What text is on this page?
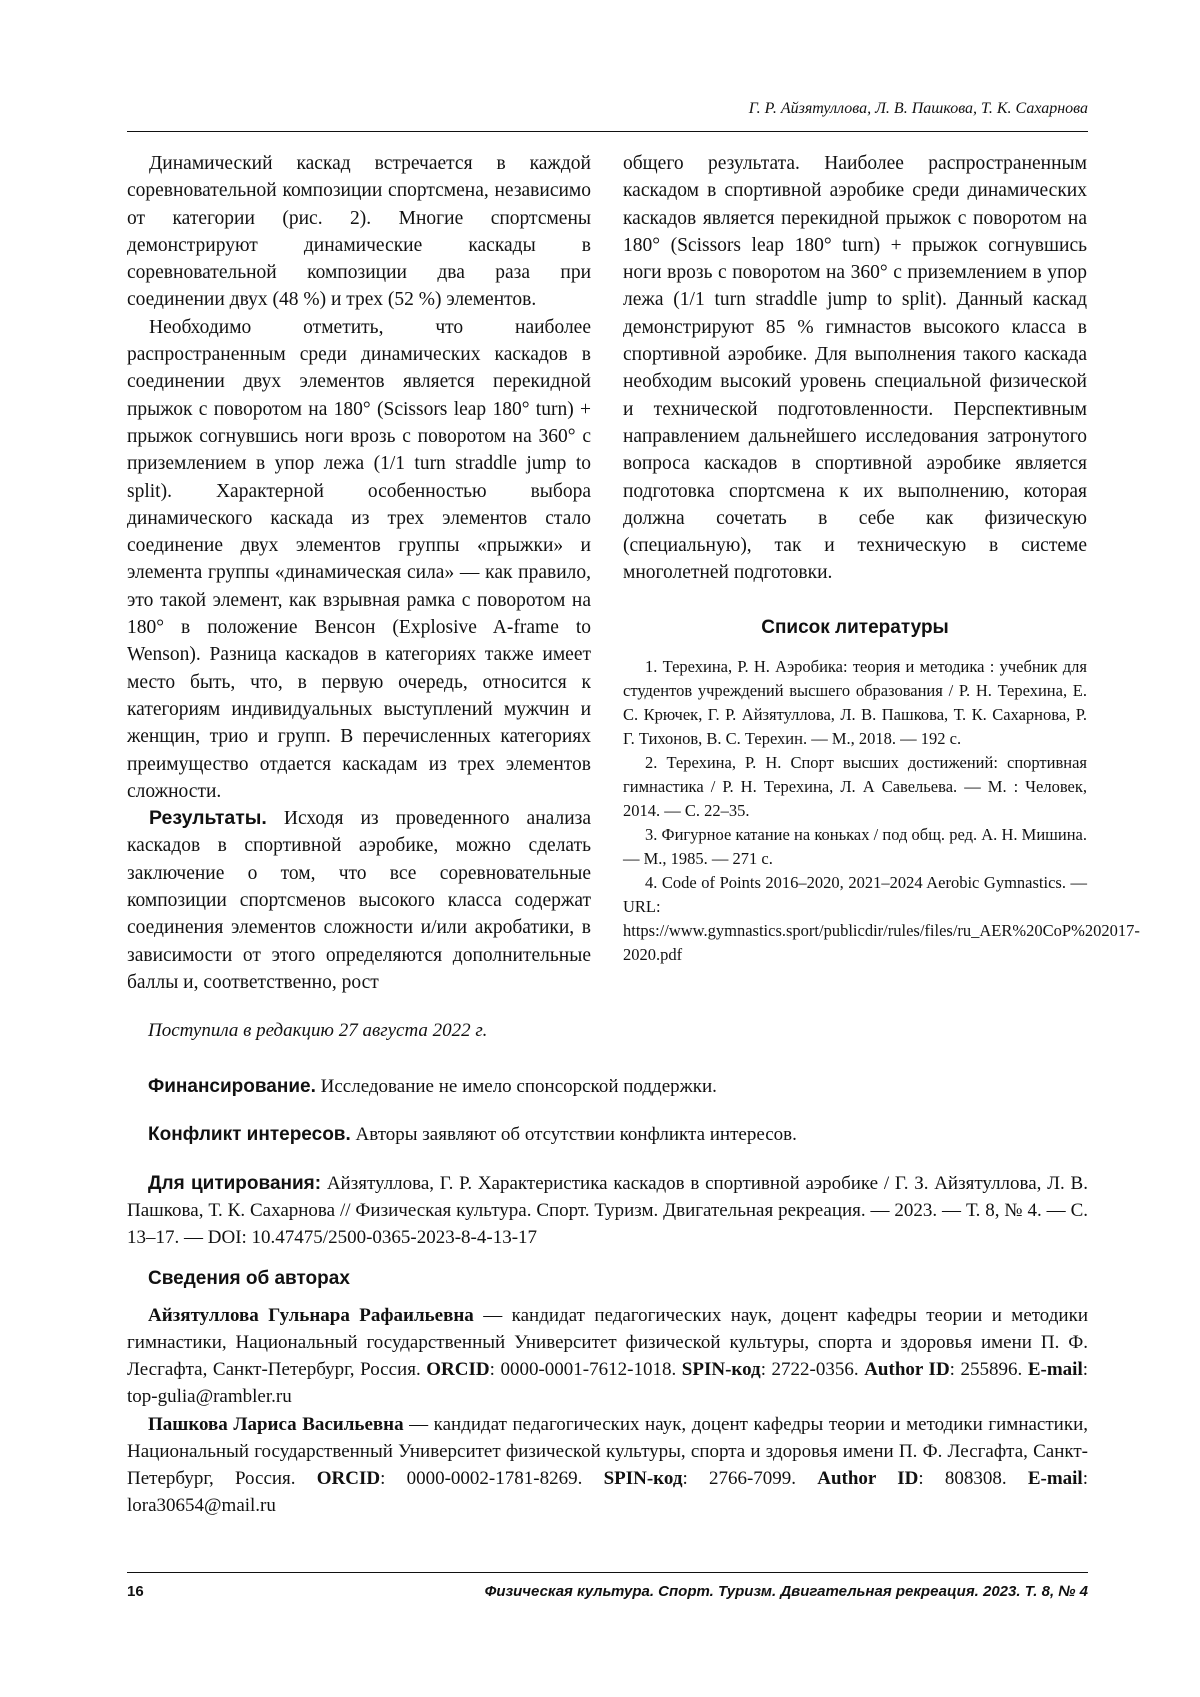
Г. Р. Айзятуллова, Л. В. Пашкова, Т. К. Сахарнова

Динамический каскад встречается в каждой соревновательной композиции спортсмена, независимо от категории (рис. 2). Многие спортсмены демонстрируют динамические каскады в соревновательной композиции два раза при соединении двух (48 %) и трех (52 %) элементов.

Необходимо отметить, что наиболее распространенным среди динамических каскадов в соединении двух элементов является перекидной прыжок с поворотом на 180° (Scissors leap 180° turn) + прыжок согнувшись ноги врозь с поворотом на 360° с приземлением в упор лежа (1/1 turn straddle jump to split). Характерной особенностью выбора динамического каскада из трех элементов стало соединение двух элементов группы «прыжки» и элемента группы «динамическая сила» — как правило, это такой элемент, как взрывная рамка с поворотом на 180° в положение Венсон (Explosive A-frame to Wenson). Разница каскадов в категориях также имеет место быть, что, в первую очередь, относится к категориям индивидуальных выступлений мужчин и женщин, трио и групп. В перечисленных категориях преимущество отдается каскадам из трех элементов сложности.

Результаты. Исходя из проведенного анализа каскадов в спортивной аэробике, можно сделать заключение о том, что все соревновательные композиции спортсменов высокого класса содержат соединения элементов сложности и/или акробатики, в зависимости от этого определяются дополнительные баллы и, соответственно, рост

общего результата. Наиболее распространенным каскадом в спортивной аэробике среди динамических каскадов является перекидной прыжок с поворотом на 180° (Scissors leap 180° turn) + прыжок согнувшись ноги врозь с поворотом на 360° с приземлением в упор лежа (1/1 turn straddle jump to split). Данный каскад демонстрируют 85 % гимнастов высокого класса в спортивной аэробике. Для выполнения такого каскада необходим высокий уровень специальной физической и технической подготовленности. Перспективным направлением дальнейшего исследования затронутого вопроса каскадов в спортивной аэробике является подготовка спортсмена к их выполнению, которая должна сочетать в себе как физическую (специальную), так и техническую в системе многолетней подготовки.

Список литературы

1. Терехина, Р. Н. Аэробика: теория и методика : учебник для студентов учреждений высшего образования / Р. Н. Терехина, Е. С. Крючек, Г. Р. Айзятуллова, Л. В. Пашкова, Т. К. Сахарнова, Р. Г. Тихонов, В. С. Терехин. — М., 2018. — 192 с.

2. Терехина, Р. Н. Спорт высших достижений: спортивная гимнастика / Р. Н. Терехина, Л. А Савельева. — М. : Человек, 2014. — С. 22–35.

3. Фигурное катание на коньках / под общ. ред. А. Н. Мишина. — М., 1985. — 271 с.

4. Code of Points 2016–2020, 2021–2024 Aerobic Gymnastics. — URL: https://www.gymnastics.sport/publicdir/rules/files/ru_AER%20CoP%202017-2020.pdf

Поступила в редакцию 27 августа 2022 г.
Финансирование. Исследование не имело спонсорской поддержки.
Конфликт интересов. Авторы заявляют об отсутствии конфликта интересов.
Для цитирования: Айзятуллова, Г. Р. Характеристика каскадов в спортивной аэробике / Г. З. Айзятуллова, Л. В. Пашкова, Т. К. Сахарнова // Физическая культура. Спорт. Туризм. Двигательная рекреация. — 2023. — Т. 8, № 4. — С. 13–17. — DOI: 10.47475/2500-0365-2023-8-4-13-17
Сведения об авторах
Айзятуллова Гульнара Рафаильевна — кандидат педагогических наук, доцент кафедры теории и методики гимнастики, Национальный государственный Университет физической культуры, спорта и здоровья имени П. Ф. Лесгафта, Санкт-Петербург, Россия. ORCID: 0000-0001-7612-1018. SPIN-код: 2722-0356. Author ID: 255896. E-mail: top-gulia@rambler.ru
Пашкова Лариса Васильевна — кандидат педагогических наук, доцент кафедры теории и методики гимнастики, Национальный государственный Университет физической культуры, спорта и здоровья имени П. Ф. Лесгафта, Санкт-Петербург, Россия. ORCID: 0000-0002-1781-8269. SPIN-код: 2766-7099. Author ID: 808308. E-mail: lora30654@mail.ru
16	Физическая культура. Спорт. Туризм. Двигательная рекреация. 2023. Т. 8, № 4
